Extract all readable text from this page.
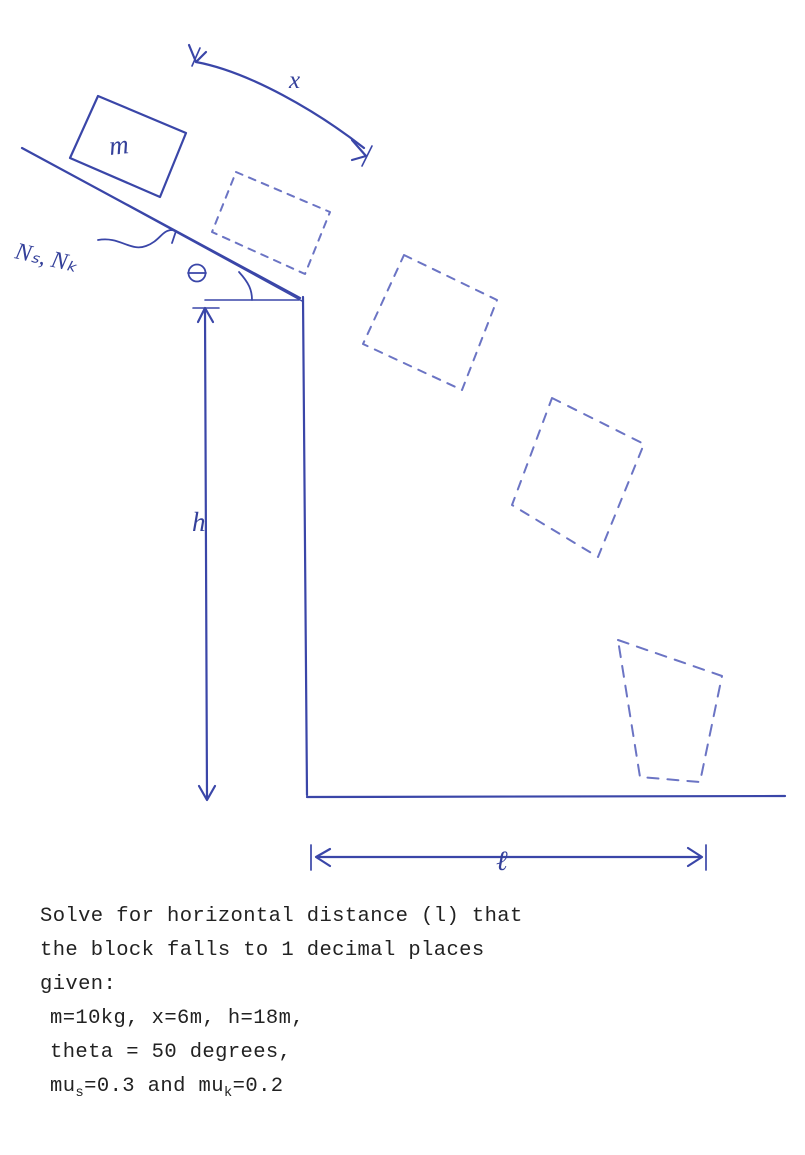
m
x
Nₛ, Nₖ
h
ℓ
Solve for horizontal distance (l) that
the block falls to 1 decimal places
given:
m=10kg, x=6m, h=18m,
theta = 50 degrees,
$mu_s=0.3$ and $mu_k=0.2$
